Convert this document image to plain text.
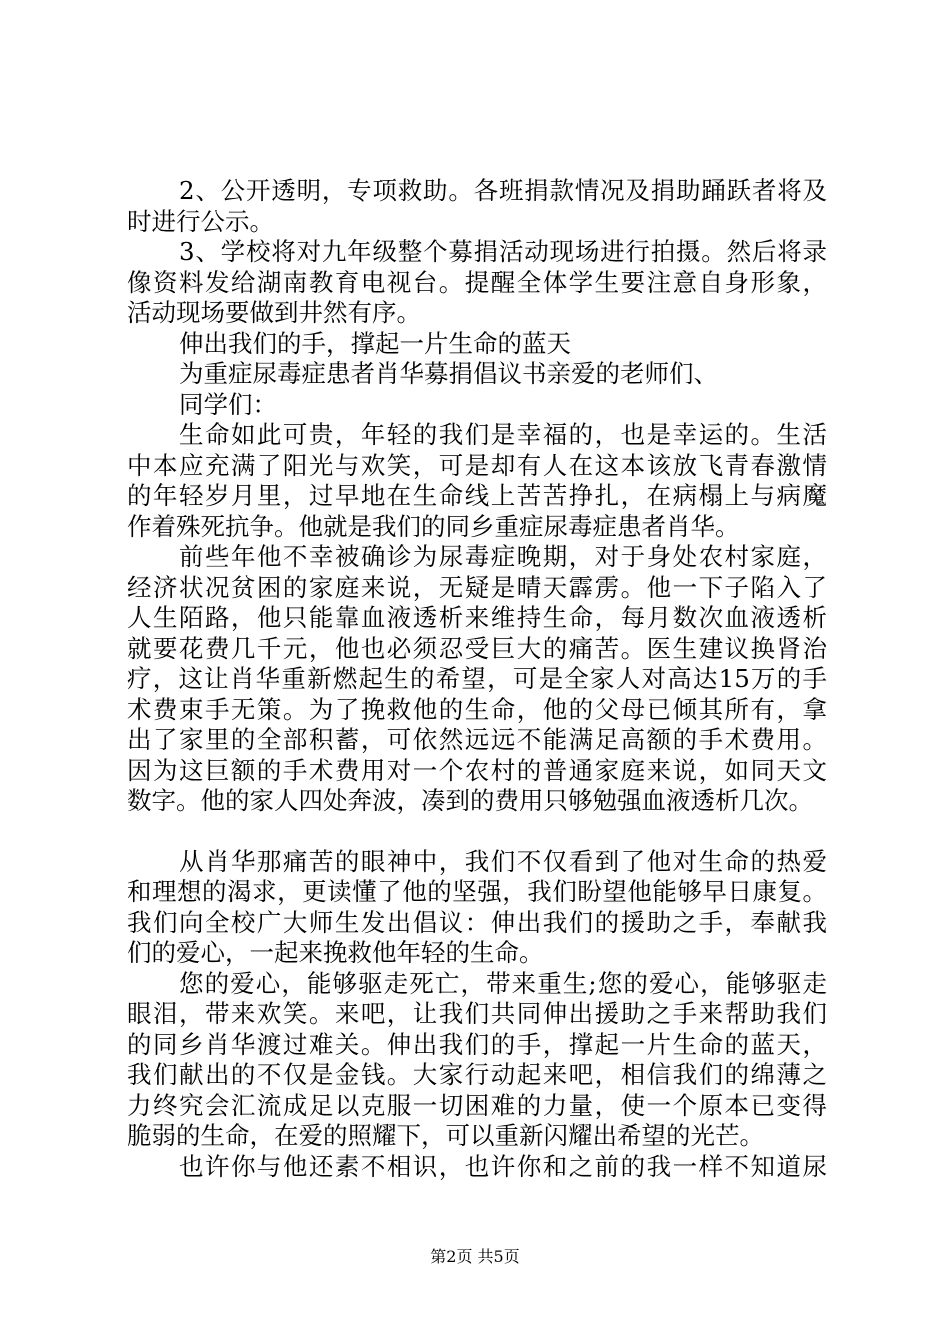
2、公开透明，专项救助。各班捐款情况及捐助踊跃者将及
时进行公示。
3、学校将对九年级整个募捐活动现场进行拍摄。然后将录
像资料发给湖南教育电视台。提醒全体学生要注意自身形象，
活动现场要做到井然有序。
伸出我们的手，撑起一片生命的蓝天
为重症尿毒症患者肖华募捐倡议书亲爱的老师们、
同学们：
生命如此可贵，年轻的我们是幸福的，也是幸运的。生活
中本应充满了阳光与欢笑，可是却有人在这本该放飞青春激情
的年轻岁月里，过早地在生命线上苦苦挣扎，在病榻上与病魔
作着殊死抗争。他就是我们的同乡重症尿毒症患者肖华。
前些年他不幸被确诊为尿毒症晚期，对于身处农村家庭，
经济状况贫困的家庭来说，无疑是晴天霹雳。他一下子陷入了
人生陌路，他只能靠血液透析来维持生命，每月数次血液透析
就要花费几千元，他也必须忍受巨大的痛苦。医生建议换肾治
疗，这让肖华重新燃起生的希望，可是全家人对高达15万的手
术费束手无策。为了挽救他的生命，他的父母已倾其所有，拿
出了家里的全部积蓄，可依然远远不能满足高额的手术费用。
因为这巨额的手术费用对一个农村的普通家庭来说，如同天文
数字。他的家人四处奔波，凑到的费用只够勉强血液透析几次。
从肖华那痛苦的眼神中，我们不仅看到了他对生命的热爱
和理想的渴求，更读懂了他的坚强，我们盼望他能够早日康复。
我们向全校广大师生发出倡议：伸出我们的援助之手，奉献我
们的爱心，一起来挽救他年轻的生命。
您的爱心，能够驱走死亡，带来重生;您的爱心，能够驱走
眼泪，带来欢笑。来吧，让我们共同伸出援助之手来帮助我们
的同乡肖华渡过难关。伸出我们的手，撑起一片生命的蓝天，
我们献出的不仅是金钱。大家行动起来吧，相信我们的绵薄之
力终究会汇流成足以克服一切困难的力量，使一个原本已变得
脆弱的生命，在爱的照耀下，可以重新闪耀出希望的光芒。
也许你与他还素不相识，也许你和之前的我一样不知道尿
第2页 共5页
